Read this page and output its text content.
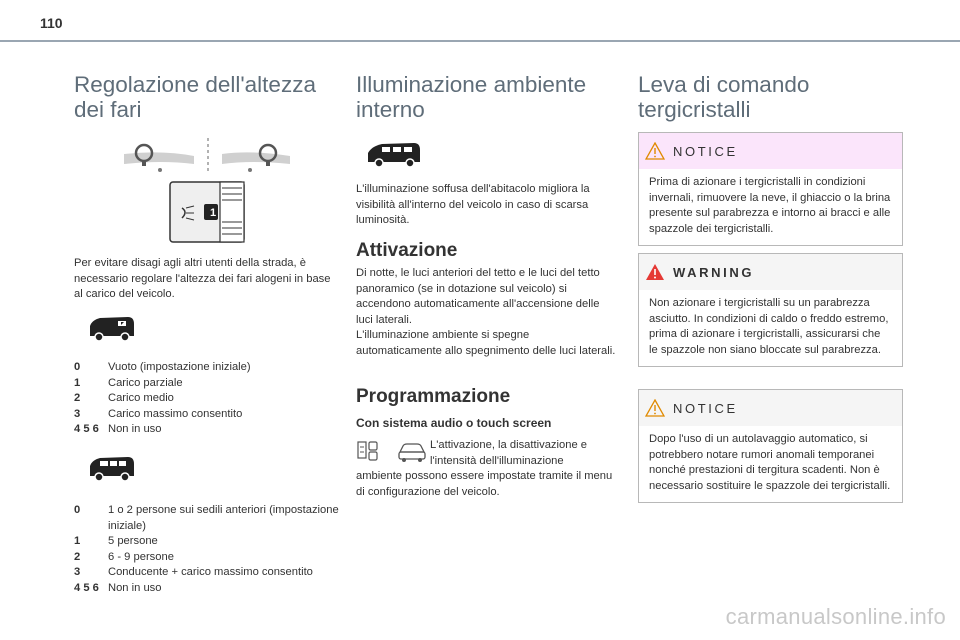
110
Regolazione dell'altezza dei fari
1

Per evitare disagi agli altri utenti della strada, è necessario regolare l'altezza dei fari alogeni in base al carico del veicolo.

0	Vuoto (impostazione iniziale)
1	Carico parziale
2	Carico medio
3	Carico massimo consentito
4 5 6 Non in uso
0	1 o 2 persone sui sedili anteriori (impostazione iniziale)
1	5 persone
2	6 - 9 persone
3	Conducente + carico massimo consentito
4 5 6 Non in uso
Illuminazione ambiente interno

L'illuminazione soffusa dell'abitacolo migliora la visibilità all'interno del veicolo in caso di scarsa luminosità.

Attivazione

Di notte, le luci anteriori del tetto e le luci del tetto panoramico (se in dotazione sul veicolo) si accendono automaticamente all'accensione delle luci laterali.
L'illuminazione ambiente si spegne automaticamente allo spegnimento delle luci laterali.

Programmazione
Con sistema audio o touch screen

L'attivazione, la disattivazione e l'intensità dell'illuminazione

ambiente possono essere impostate tramite il menu di configurazione del veicolo.

Leva di comando tergicristalli
NOTICE
Prima di azionare i tergicristalli in condizioni invernali, rimuovere la neve, il ghiaccio o la brina presente sul parabrezza e intorno ai bracci e alle spazzole dei tergicristalli.
WARNING
Non azionare i tergicristalli su un parabrezza asciutto. In condizioni di caldo o freddo estremo, prima di azionare i tergicristalli, assicurarsi che le spazzole non siano bloccate sul parabrezza.
NOTICE
Dopo l'uso di un autolavaggio automatico, si potrebbero notare rumori anomali temporanei nonché prestazioni di tergitura scadenti. Non è necessario sostituire le spazzole dei tergicristalli.
carmanualsonline.info
